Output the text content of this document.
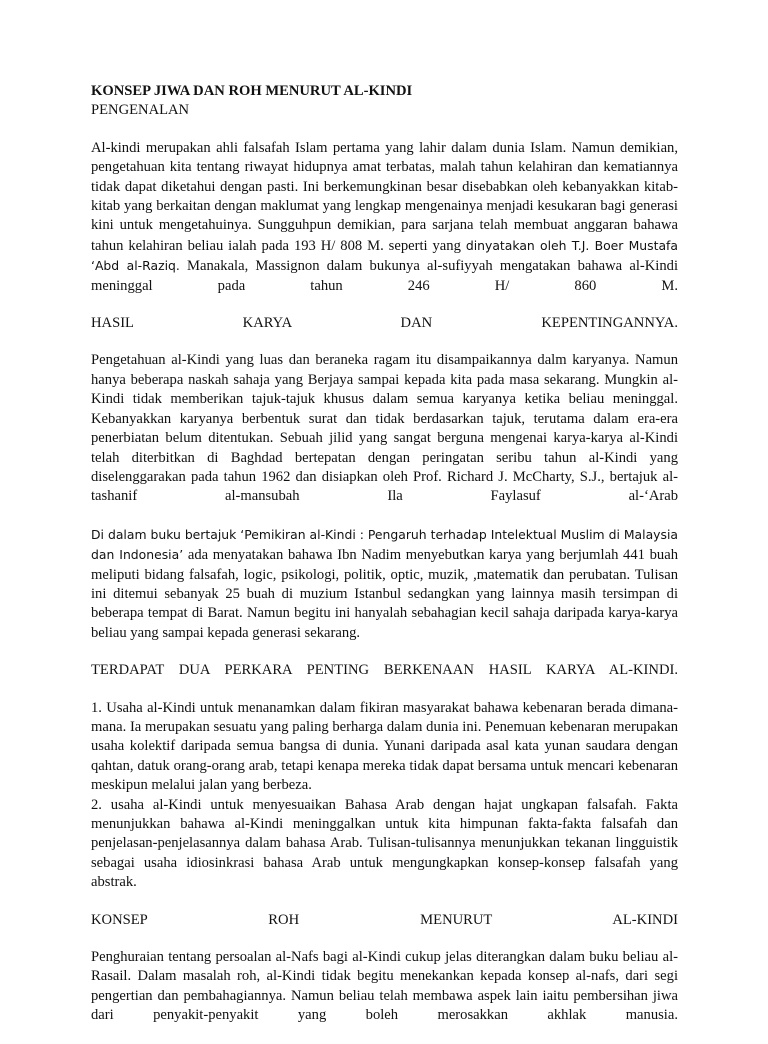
KONSEP JIWA DAN ROH MENURUT AL-KINDI
PENGENALAN

Al-kindi merupakan ahli falsafah Islam pertama yang lahir dalam dunia Islam. Namun demikian, pengetahuan kita tentang riwayat hidupnya amat terbatas, malah tahun kelahiran dan kematiannya tidak dapat diketahui dengan pasti. Ini berkemungkinan besar disebabkan oleh kebanyakkan kitab-kitab yang berkaitan dengan maklumat yang lengkap mengenainya menjadi kesukaran bagi generasi kini untuk mengetahuinya. Sungguhpun demikian, para sarjana telah membuat anggaran bahawa tahun kelahiran beliau ialah pada 193 H/ 808 M. seperti yang dinyatakan oleh T.J. Boer Mustafa ‘Abd al-Raziq. Manakala, Massignon dalam bukunya al-sufiyyah mengatakan bahawa al-Kindi meninggal pada tahun 246 H/ 860 M.

HASIL KARYA DAN KEPENTINGANNYA.

Pengetahuan al-Kindi yang luas dan beraneka ragam itu disampaikannya dalm karyanya. Namun hanya beberapa naskah sahaja yang Berjaya sampai kepada kita pada masa sekarang. Mungkin al-Kindi tidak memberikan tajuk-tajuk khusus dalam semua karyanya ketika beliau meninggal. Kebanyakkan karyanya berbentuk surat dan tidak berdasarkan tajuk, terutama dalam era-era penerbiatan belum ditentukan. Sebuah jilid yang sangat berguna mengenai karya-karya al-Kindi telah diterbitkan di Baghdad bertepatan dengan peringatan seribu tahun al-Kindi yang diselenggarakan pada tahun 1962 dan disiapkan oleh Prof. Richard J. McCharty, S.J., bertajuk al-tashanif al-mansubah Ila Faylasuf al-‘Arab

Di dalam buku bertajuk ‘Pemikiran al-Kindi : Pengaruh terhadap Intelektual Muslim di Malaysia dan Indonesia’ ada menyatakan bahawa Ibn Nadim menyebutkan karya yang berjumlah 441 buah meliputi bidang falsafah, logic, psikologi, politik, optic, muzik, ,matematik dan perubatan. Tulisan ini ditemui sebanyak 25 buah di muzium Istanbul sedangkan yang lainnya masih tersimpan di beberapa tempat di Barat. Namun begitu ini hanyalah sebahagian kecil sahaja daripada karya-karya beliau yang sampai kepada generasi sekarang.

TERDAPAT DUA PERKARA PENTING BERKENAAN HASIL KARYA AL-KINDI.
1. Usaha al-Kindi untuk menanamkan dalam fikiran masyarakat bahawa kebenaran berada dimana-mana. Ia merupakan sesuatu yang paling berharga dalam dunia ini. Penemuan kebenaran merupakan usaha kolektif daripada semua bangsa di dunia. Yunani daripada asal kata yunan saudara dengan qahtan, datuk orang-orang arab, tetapi kenapa mereka tidak dapat bersama untuk mencari kebenaran meskipun melalui jalan yang berbeza.
2. usaha al-Kindi untuk menyesuaikan Bahasa Arab dengan hajat ungkapan falsafah. Fakta menunjukkan bahawa al-Kindi meninggalkan untuk kita himpunan fakta-fakta falsafah dan penjelasan-penjelasannya dalam bahasa Arab. Tulisan-tulisannya menunjukkan tekanan lingguistik sebagai usaha idiosinkrasi bahasa Arab untuk mengungkapkan konsep-konsep falsafah yang abstrak.
KONSEP ROH MENURUT AL-KINDI

Penghuraian tentang persoalan al-Nafs bagi al-Kindi cukup jelas diterangkan dalam buku beliau al-Rasail. Dalam masalah roh, al-Kindi tidak begitu menekankan kepada konsep al-nafs, dari segi pengertian dan pembahagiannya. Namun beliau telah membawa aspek lain iaitu pembersihan jiwa dari penyakit-penyakit yang boleh merosakkan akhlak manusia.
